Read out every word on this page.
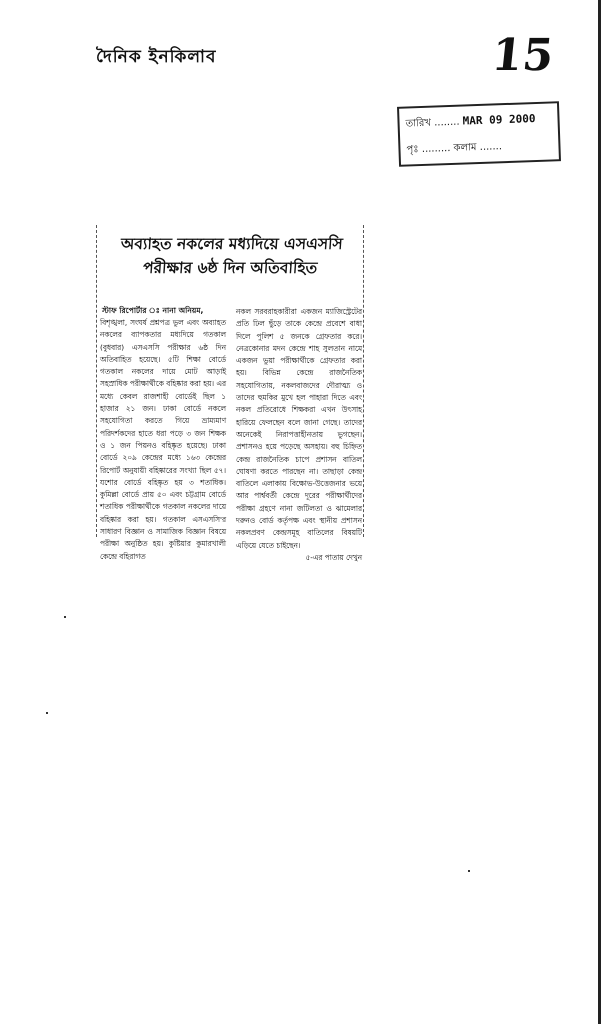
দৈনিক ইনকিলাব	15
তারিখ ........ MAR 09 2000
পৃঃ ......... কলাম .......
অব্যাহত নকলের মধ্যদিয়ে এসএসসি
পরীক্ষার ৬ষ্ঠ দিন অতিবাহিত
স্টাফ রিপোর্টার ঃ নানা অনিয়ম,

বিশৃঙ্খলা, সংঘর্ষ প্রশ্নপত্র ভুল এবং অব্যাহত নকলের ব্যাপকতার মধ্যদিয়ে গতকাল (বুধবার) এসএসসি পরীক্ষার ৬ষ্ঠ দিন অতিবাহিত হয়েছে। ৫টি শিক্ষা বোর্ডে গতকাল নকলের দায়ে মোট আড়াই সহস্রাধিক পরীক্ষার্থীকে বহিষ্কার করা হয়। এর মধ্যে কেবল রাজশাহী বোর্ডেই ছিল ১ হাজার ২১ জন। ঢাকা বোর্ডে নকলে সহযোগিতা করতে গিয়ে ভ্রাম্যমাণ পরিদর্শকদের হাতে ধরা পড়ে ৩ জন শিক্ষক ও ১ জন পিয়নও বহিষ্কৃত হয়েছে। ঢাকা বোর্ডে ২০৯ কেন্দ্রের মধ্যে ১৬৩ কেন্দ্রের রিপোর্ট অনুযায়ী বহিষ্কারের সংখ্যা ছিল ৫৭। যশোর বোর্ডে বহিষ্কৃত হয় ৩ শতাধিক। কুমিল্লা বোর্ডে প্রায় ৫০ এবং চট্টগ্রাম বোর্ডে শতাধিক পরীক্ষার্থীকে গতকাল নকলের দায়ে বহিষ্কার করা হয়। গতকাল এসএসসি'র সাধারণ বিজ্ঞান ও সামাজিক বিজ্ঞান বিষয়ে পরীক্ষা অনুষ্ঠিত হয়। কুষ্টিয়ার কুমারখালী কেন্দ্রে বহিরাগত

নকল সরবরাহকারীরা একজন ম্যাজিস্ট্রেটের প্রতি ঢিল ছুঁড়ে তাকে কেন্দ্রে প্রবেশে বাধা দিলে পুলিশ ৫ জনকে গ্রেফতার করে। নেত্রকোনার মদন কেন্দ্রে শাহ সুলতান নামে একজন ভুয়া পরীক্ষার্থীকে গ্রেফতার করা হয়। বিভিন্ন কেন্দ্রে রাজনৈতিক সহযোগিতায়, নকলবাজদের দৌরাত্ম্য ও তাদের হুমকির মুখে হল পাহারা দিতে এবং নকল প্রতিরোধে শিক্ষকরা এখন উৎসাহ হারিয়ে ফেলছেন বলে জানা গেছে। তাদের অনেকেই নিরাপত্তাহীনতায় ভুগছেন। প্রশাসনও হয়ে পড়েছে অসহায়। বহু চিহ্নিত কেন্দ্র রাজনৈতিক চাপে প্রশাসন বাতিল ঘোষণা করতে পারছেন না। তাছাড়া কেন্দ্র বাতিলে এলাকায় বিক্ষোভ-উত্তেজনার ভয়ে আর পার্শ্ববর্তী কেন্দ্রে দূরের পরীক্ষার্থীদের পরীক্ষা গ্রহণে নানা জটিলতা ও ঝামেলার দরুনও বোর্ড কর্তৃপক্ষ এবং স্থানীয় প্রশাসন নকলপ্রবণ কেন্দ্রসমূহ বাতিলের বিষয়টি এড়িয়ে যেতে চাইছেন।

৫-এর পাতায় দেখুন
